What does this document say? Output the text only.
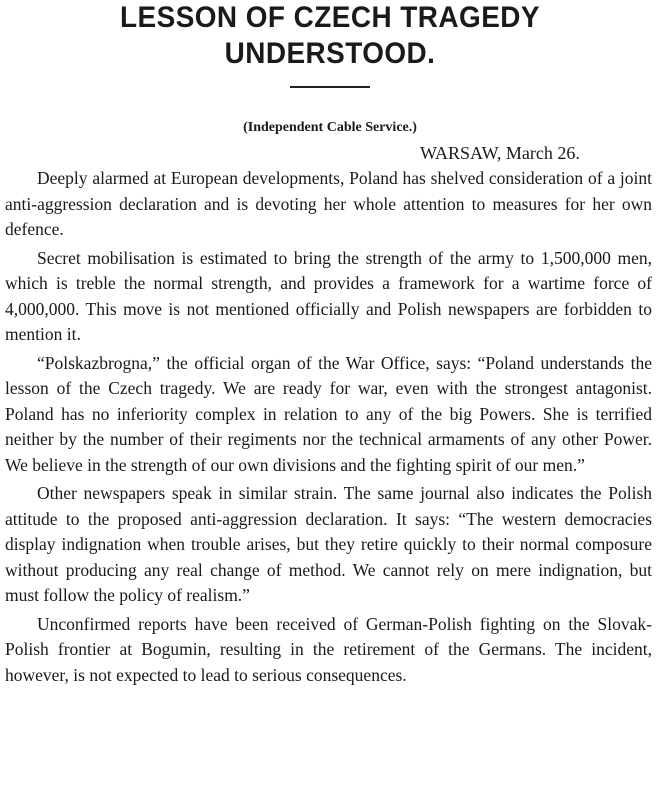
LESSON OF CZECH TRAGEDY
UNDERSTOOD.
(Independent Cable Service.)
WARSAW, March 26.

Deeply alarmed at European developments, Poland has shelved consideration of a joint anti-aggression declaration and is devoting her whole attention to measures for her own defence.

Secret mobilisation is estimated to bring the strength of the army to 1,500,000 men, which is treble the normal strength, and provides a framework for a wartime force of 4,000,000. This move is not mentioned officially and Polish newspapers are forbidden to mention it.

“Polskazbrogna,” the official organ of the War Office, says: “Poland understands the lesson of the Czech tragedy. We are ready for war, even with the strongest antagonist. Poland has no inferiority complex in relation to any of the big Powers. She is terrified neither by the number of their regiments nor the technical armaments of any other Power. We believe in the strength of our own divisions and the fighting spirit of our men.”

Other newspapers speak in similar strain. The same journal also indicates the Polish attitude to the proposed anti-aggression declaration. It says: “The western democracies display indignation when trouble arises, but they retire quickly to their normal composure without producing any real change of method. We cannot rely on mere indignation, but must follow the policy of realism.”

Unconfirmed reports have been received of German-Polish fighting on the Slovak-Polish frontier at Bogumin, resulting in the retirement of the Germans. The incident, however, is not expected to lead to serious consequences.
